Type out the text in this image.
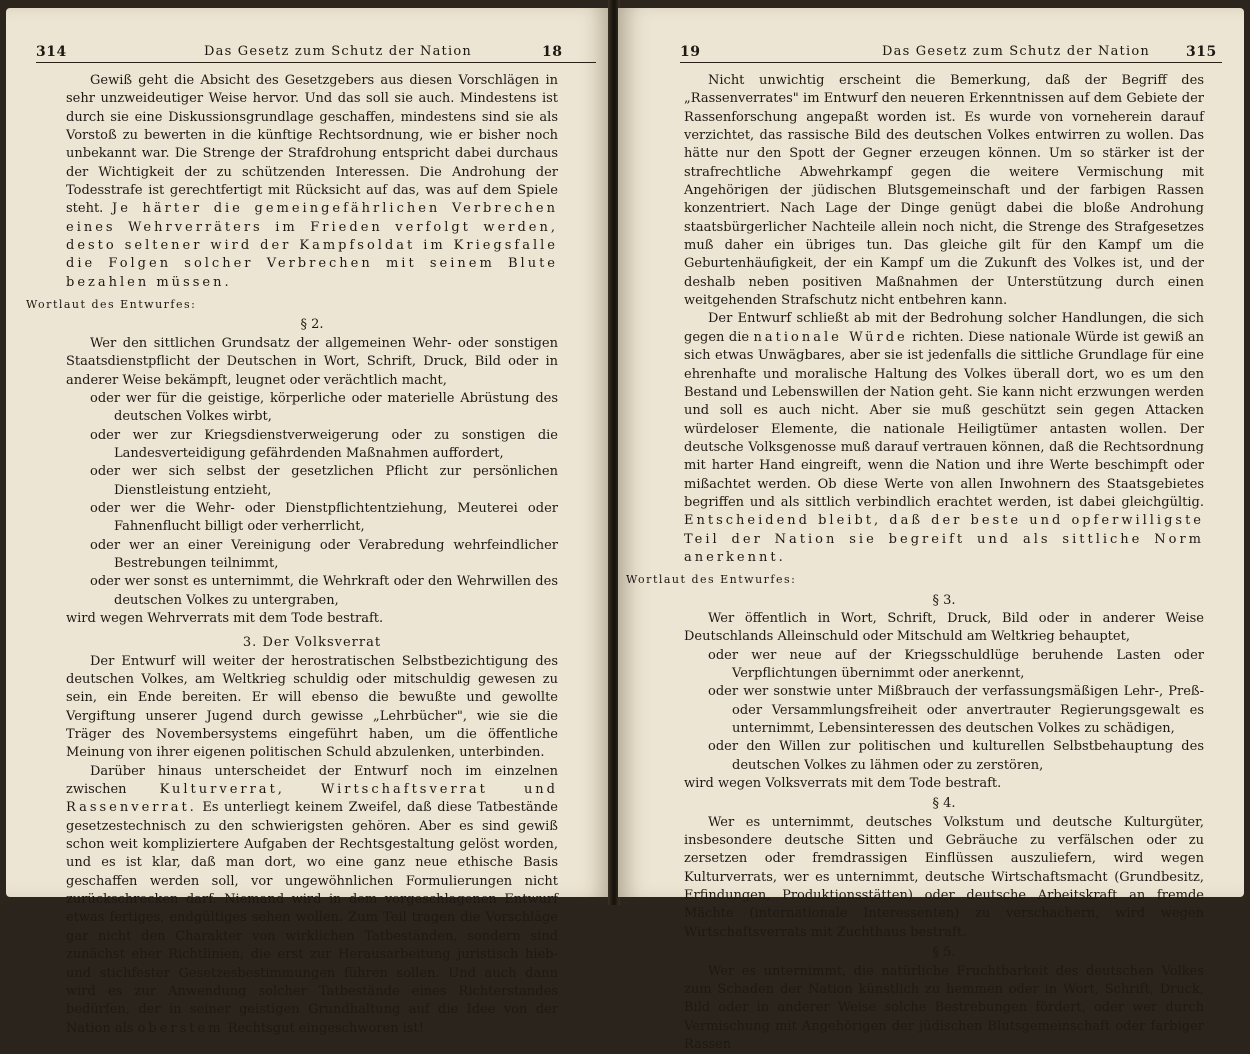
314	Das Gesetz zum Schutz der Nation	18

Gewiß geht die Absicht des Gesetzgebers aus diesen Vorschlägen in sehr unzweideutiger Weise hervor. Und das soll sie auch. Mindestens ist durch sie eine Diskussionsgrundlage geschaffen, mindestens sind sie als Vorstoß zu bewerten in die künftige Rechtsordnung, wie er bisher noch unbekannt war. Die Strenge der Strafdrohung entspricht dabei durchaus der Wichtigkeit der zu schützenden Interessen. Die Androhung der Todesstrafe ist gerechtfertigt mit Rücksicht auf das, was auf dem Spiele steht. Je härter die gemeingefährlichen Verbrechen eines Wehrverräters im Frieden verfolgt werden, desto seltener wird der Kampfsoldat im Kriegsfalle die Folgen solcher Verbrechen mit seinem Blute bezahlen müssen.

Wortlaut des Entwurfes:

§ 2.

Wer den sittlichen Grundsatz der allgemeinen Wehr- oder sonstigen Staatsdienstpflicht der Deutschen in Wort, Schrift, Druck, Bild oder in anderer Weise bekämpft, leugnet oder verächtlich macht,

oder wer für die geistige, körperliche oder materielle Abrüstung des deutschen Volkes wirbt,

oder wer zur Kriegsdienstverweigerung oder zu sonstigen die Landesverteidigung gefährdenden Maßnahmen auffordert,

oder wer sich selbst der gesetzlichen Pflicht zur persönlichen Dienstleistung entzieht,

oder wer die Wehr- oder Dienstpflichtentziehung, Meuterei oder Fahnenflucht billigt oder verherrlicht,

oder wer an einer Vereinigung oder Verabredung wehrfeindlicher Bestrebungen teilnimmt,

oder wer sonst es unternimmt, die Wehrkraft oder den Wehrwillen des deutschen Volkes zu untergraben,

wird wegen Wehrverrats mit dem Tode bestraft.

3. Der Volksverrat

Der Entwurf will weiter der herostratischen Selbstbezichtigung des deutschen Volkes, am Weltkrieg schuldig oder mitschuldig gewesen zu sein, ein Ende bereiten. Er will ebenso die bewußte und gewollte Vergiftung unserer Jugend durch gewisse „Lehrbücher", wie sie die Träger des Novembersystems eingeführt haben, um die öffentliche Meinung von ihrer eigenen politischen Schuld abzulenken, unterbinden.

Darüber hinaus unterscheidet der Entwurf noch im einzelnen zwischen	Kulturverrat, Wirtschaftsverrat und Rassenverrat. Es unterliegt keinem Zweifel, daß diese Tatbestände gesetzestechnisch zu den schwierigsten gehören. Aber es sind gewiß schon weit kompliziertere Aufgaben der Rechtsgestaltung gelöst worden, und es ist klar, daß man dort, wo eine ganz neue ethische Basis geschaffen werden soll, vor ungewöhnlichen Formulierungen nicht zurückschrecken darf. Niemand wird in dem vorgeschlagenen Entwurf etwas fertiges, endgültiges sehen wollen. Zum Teil tragen die Vorschläge gar nicht den Charakter von wirklichen Tatbeständen, sondern sind zunächst eher Richtlinien, die erst zur Herausarbeitung juristisch hieb- und stichfester Gesetzesbestimmungen führen sollen. Und auch dann wird es zur Anwendung solcher Tatbestände eines Richterstandes bedürfen, der in seiner geistigen Grundhaltung auf die Idee von der Nation als oberstem Rechtsgut eingeschworen ist!

19	Das Gesetz zum Schutz der Nation	315

Nicht unwichtig erscheint die Bemerkung, daß der Begriff des „Rassenverrates" im Entwurf den neueren Erkenntnissen auf dem Gebiete der Rassenforschung angepaßt worden ist. Es wurde von vorneherein darauf verzichtet, das rassische Bild des deutschen Volkes entwirren zu wollen. Das hätte nur den Spott der Gegner erzeugen können. Um so stärker ist der strafrechtliche Abwehrkampf gegen die weitere Vermischung mit Angehörigen der jüdischen Blutsgemeinschaft und der farbigen Rassen konzentriert. Nach Lage der Dinge genügt dabei die bloße Androhung staatsbürgerlicher Nachteile allein noch nicht, die Strenge des Strafgesetzes muß daher ein übriges tun. Das gleiche gilt für den Kampf um die Geburtenhäufigkeit, der ein Kampf um die Zukunft des Volkes ist, und der deshalb neben positiven Maßnahmen der Unterstützung durch einen weitgehenden Strafschutz nicht entbehren kann.

Der Entwurf schließt ab mit der Bedrohung solcher Handlungen, die sich gegen die nationale Würde richten. Diese nationale Würde ist gewiß an sich etwas Unwägbares, aber sie ist jedenfalls die sittliche Grundlage für eine ehrenhafte und moralische Haltung des Volkes überall dort, wo es um den Bestand und Lebenswillen der Nation geht. Sie kann nicht erzwungen werden und soll es auch nicht. Aber sie muß geschützt sein gegen Attacken würdeloser Elemente, die nationale Heiligtümer antasten wollen. Der deutsche Volksgenosse muß darauf vertrauen können, daß die Rechtsordnung mit harter Hand eingreift, wenn die Nation und ihre Werte beschimpft oder mißachtet werden. Ob diese Werte von allen Inwohnern des Staatsgebietes begriffen und als sittlich verbindlich erachtet werden, ist dabei gleichgültig. Entscheidend bleibt, daß der beste und opferwilligste Teil der Nation sie begreift und als sittliche Norm anerkennt.

Wortlaut des Entwurfes:

§ 3.

Wer öffentlich in Wort, Schrift, Druck, Bild oder in anderer Weise Deutschlands Alleinschuld oder Mitschuld am Weltkrieg behauptet,

oder wer neue auf der Kriegsschuldlüge beruhende Lasten oder Verpflichtungen übernimmt oder anerkennt,

oder wer sonstwie unter Mißbrauch der verfassungsmäßigen Lehr-, Preß- oder Versammlungsfreiheit oder anvertrauter Regierungsgewalt es unternimmt, Lebensinteressen des deutschen Volkes zu schädigen,

oder den Willen zur politischen und kulturellen Selbstbehauptung des deutschen Volkes zu lähmen oder zu zerstören,

wird wegen Volksverrats mit dem Tode bestraft.

§ 4.

Wer es unternimmt, deutsches Volkstum und deutsche Kulturgüter, insbesondere deutsche Sitten und Gebräuche zu verfälschen oder zu zersetzen oder fremdrassigen Einflüssen auszuliefern, wird wegen Kulturverrats, wer es unternimmt, deutsche Wirtschaftsmacht (Grundbesitz, Erfindungen, Produktionsstätten) oder deutsche Arbeitskraft an fremde Mächte (internationale Interessenten) zu verschachern, wird wegen Wirtschaftsverrats mit Zuchthaus bestraft.

§ 5.

Wer es unternimmt, die natürliche Fruchtbarkeit des deutschen Volkes zum Schaden der Nation künstlich zu hemmen oder in Wort, Schrift, Druck, Bild oder in anderer Weise solche Bestrebungen fördert, oder wer durch Vermischung mit Angehörigen der jüdischen Blutsgemeinschaft oder farbiger Rassen
